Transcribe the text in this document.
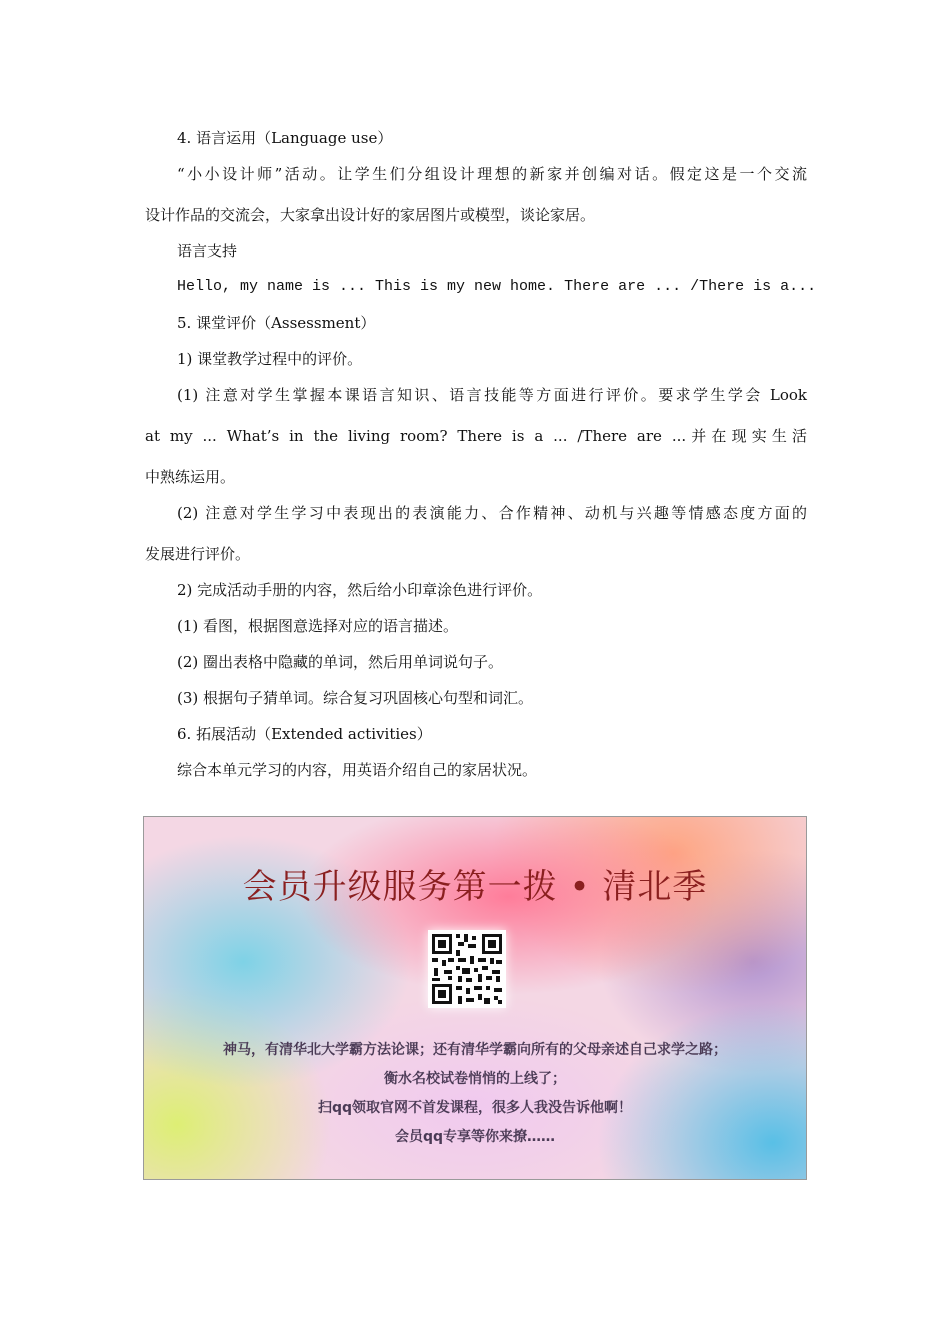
4. 语言运用（Language use）
“小小设计师”活动。让学生们分组设计理想的新家并创编对话。假定这是一个交流
设计作品的交流会，大家拿出设计好的家居图片或模型，谈论家居。
语言支持
Hello, my name is ... This is my new home. There are ... /There is a...
5. 课堂评价（Assessment）
1) 课堂教学过程中的评价。
(1) 注意对学生掌握本课语言知识、语言技能等方面进行评价。要求学生学会 Look
at my ... What’s in the living room? There is a ... /There are ...并在现实生活
中熟练运用。
(2) 注意对学生学习中表现出的表演能力、合作精神、动机与兴趣等情感态度方面的
发展进行评价。
2) 完成活动手册的内容，然后给小印章涂色进行评价。
(1) 看图，根据图意选择对应的语言描述。
(2) 圈出表格中隐藏的单词，然后用单词说句子。
(3) 根据句子猜单词。综合复习巩固核心句型和词汇。
6. 拓展活动（Extended activities）
综合本单元学习的内容，用英语介绍自己的家居状况。
会员升级服务第一拨 • 清北季
神马，有清华北大学霸方法论课；还有清华学霸向所有的父母亲述自己求学之路；
衡水名校试卷悄悄的上线了；
扫qq领取官网不首发课程，很多人我没告诉他啊！
会员qq专享等你来撩……
